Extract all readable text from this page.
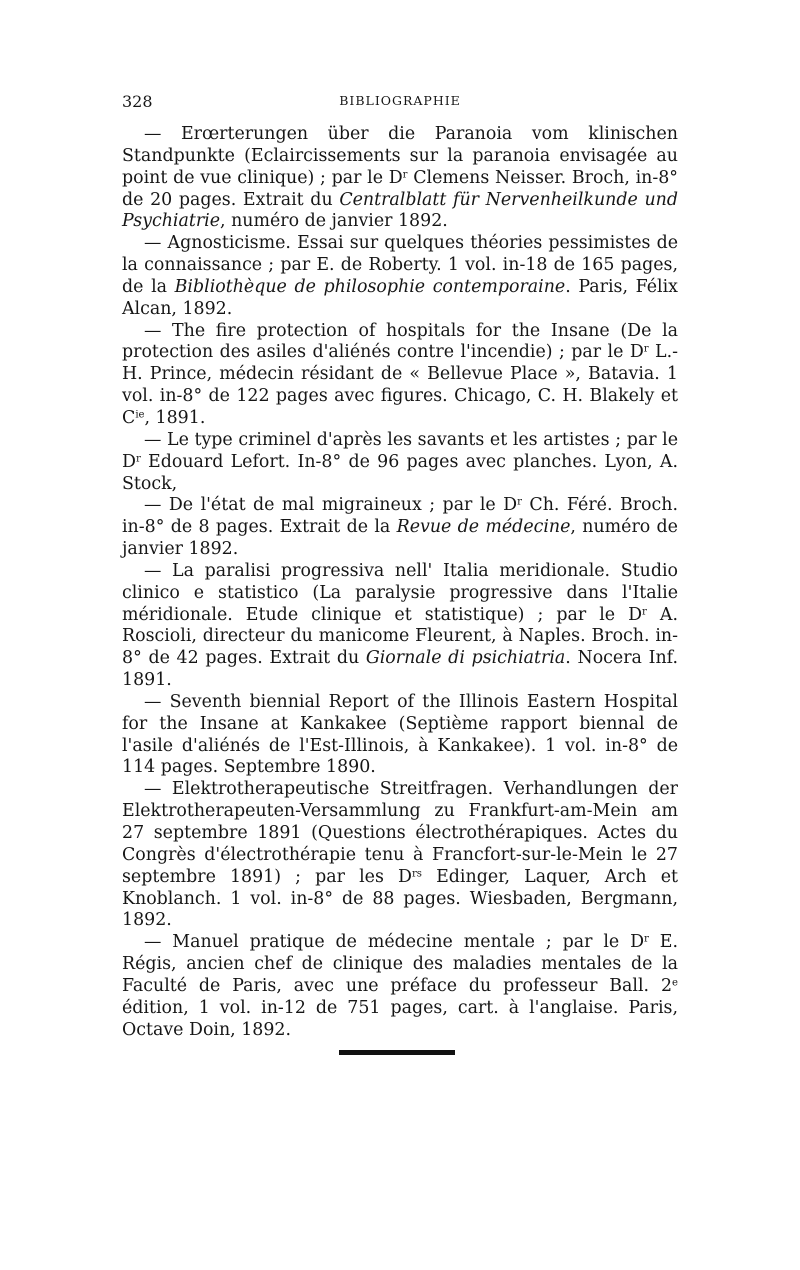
328	BIBLIOGRAPHIE

— Erœrterungen über die Paranoia vom klinischen Standpunkte (Eclaircissements sur la paranoia envisagée au point de vue clinique) ; par le $D^r$ Clemens Neisser. Broch, in-8° de 20 pages. Extrait du Centralblatt für Nervenheilkunde und Psychiatrie, numéro de janvier 1892.

— Agnosticisme. Essai sur quelques théories pessimistes de la connaissance ; par E. de Roberty. 1 vol. in-18 de 165 pages, de la Bibliothèque de philosophie contemporaine. Paris, Félix Alcan, 1892.

— The fire protection of hospitals for the Insane (De la protection des asiles d'aliénés contre l'incendie) ; par le $D^r$ L.-H. Prince, médecin résidant de « Bellevue Place », Batavia. 1 vol. in-8° de 122 pages avec figures. Chicago, C. H. Blakely et $C^{ie}$, 1891.

— Le type criminel d'après les savants et les artistes ; par le $D^r$ Edouard Lefort. In-8° de 96 pages avec planches. Lyon, A. Stock,

— De l'état de mal migraineux ; par le $D^r$ Ch. Féré. Broch. in-8° de 8 pages. Extrait de la Revue de médecine, numéro de janvier 1892.

— La paralisi progressiva nell' Italia meridionale. Studio clinico e statistico (La paralysie progressive dans l'Italie méridionale. Etude clinique et statistique) ; par le $D^r$ A. Roscioli, directeur du manicome Fleurent, à Naples. Broch. in-8° de 42 pages. Extrait du Giornale di psichiatria. Nocera Inf. 1891.

— Seventh biennial Report of the Illinois Eastern Hospital for the Insane at Kankakee (Septième rapport biennal de l'asile d'aliénés de l'Est-Illinois, à Kankakee). 1 vol. in-8° de 114 pages. Septembre 1890.

— Elektrotherapeutische Streitfragen. Verhandlungen der Elektrotherapeuten-Versammlung zu Frankfurt-am-Mein am 27 septembre 1891 (Questions électrothérapiques. Actes du Congrès d'électrothérapie tenu à Francfort-sur-le-Mein le 27 septembre 1891) ; par les $D^{rs}$ Edinger, Laquer, Arch et Knoblanch. 1 vol. in-8° de 88 pages. Wiesbaden, Bergmann, 1892.

— Manuel pratique de médecine mentale ; par le $D^r$ E. Régis, ancien chef de clinique des maladies mentales de la Faculté de Paris, avec une préface du professeur Ball. 2e édition, 1 vol. in-12 de 751 pages, cart. à l'anglaise. Paris, Octave Doin, 1892.
